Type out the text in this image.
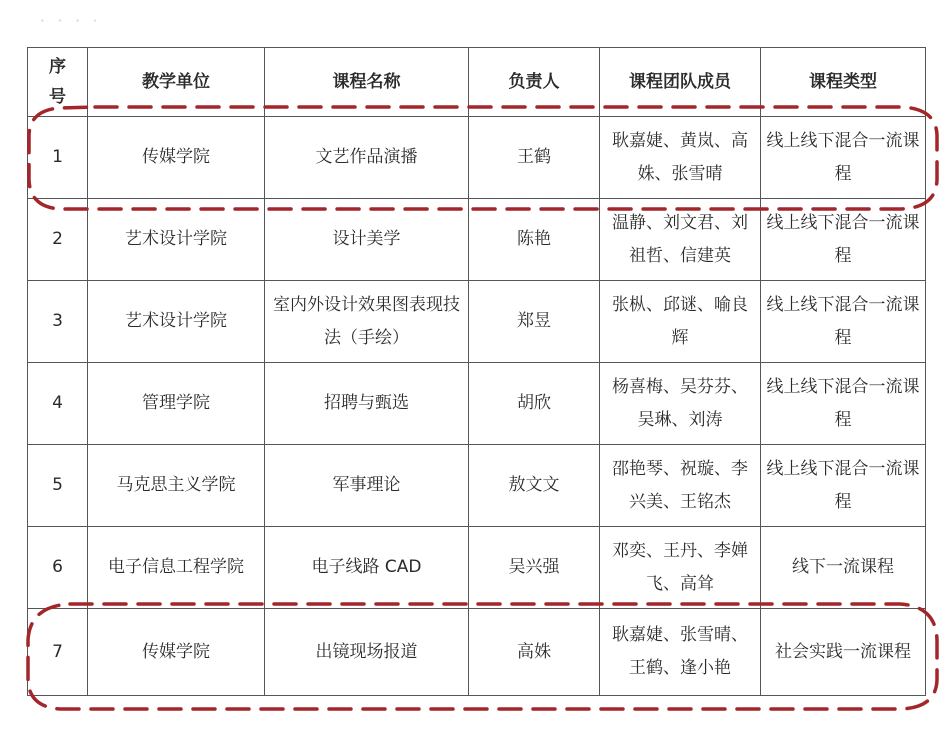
· · · ·
序
号	教学单位	课程名称	负责人	课程团队成员	课程类型
1	传媒学院	文艺作品演播	王鹤	耿嘉婕、黄岚、高姝、张雪晴	线上线下混合一流课程
2	艺术设计学院	设计美学	陈艳	温静、刘文君、刘祖哲、信建英	线上线下混合一流课程
3	艺术设计学院	室内外设计效果图表现技法（手绘）	郑昱	张枞、邱谜、喻良辉	线上线下混合一流课程
4	管理学院	招聘与甄选	胡欣	杨喜梅、吴芬芬、吴琳、刘涛	线上线下混合一流课程
5	马克思主义学院	军事理论	敖文文	邵艳琴、祝璇、李兴美、王铭杰	线上线下混合一流课程
6	电子信息工程学院	电子线路 CAD	吴兴强	邓奕、王丹、李婵飞、高耸	线下一流课程
7	传媒学院	出镜现场报道	高姝	耿嘉婕、张雪晴、王鹤、逢小艳	社会实践一流课程
